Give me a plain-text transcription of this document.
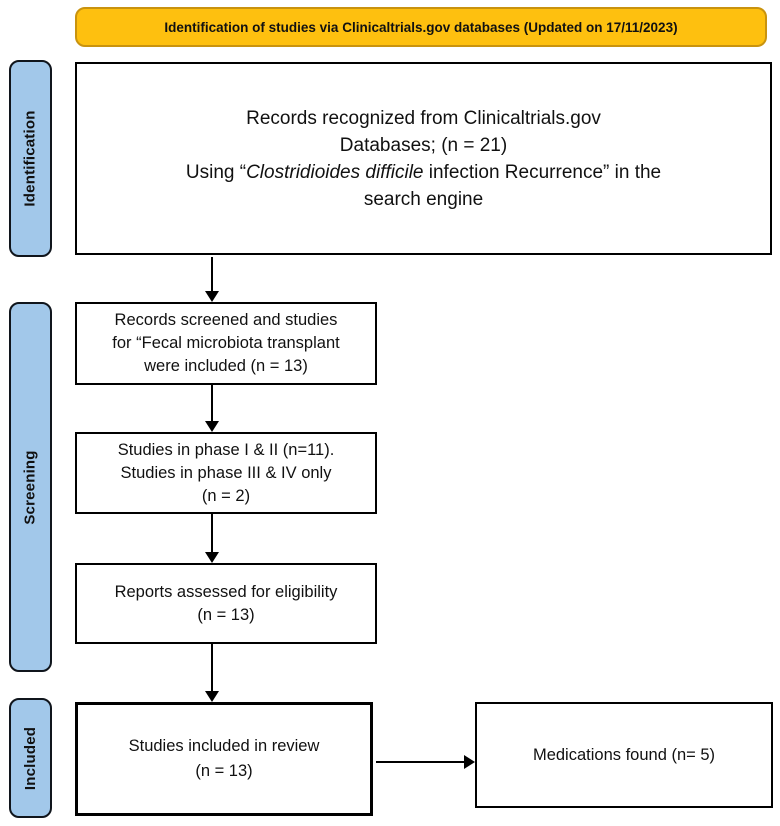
Identification of studies via Clinicaltrials.gov databases (Updated on 17/11/2023)
Identification
Screening
Included
Records recognized from Clinicaltrials.gov
Databases; (n = 21)
Using “Clostridioides difficile infection Recurrence” in the
search engine
Records screened and studies
for “Fecal microbiota transplant
were included (n = 13)
Studies in phase I & II (n=11).
Studies in phase III & IV only
(n = 2)
Reports assessed for eligibility
(n = 13)
Studies included in review
(n = 13)
Medications found (n= 5)
